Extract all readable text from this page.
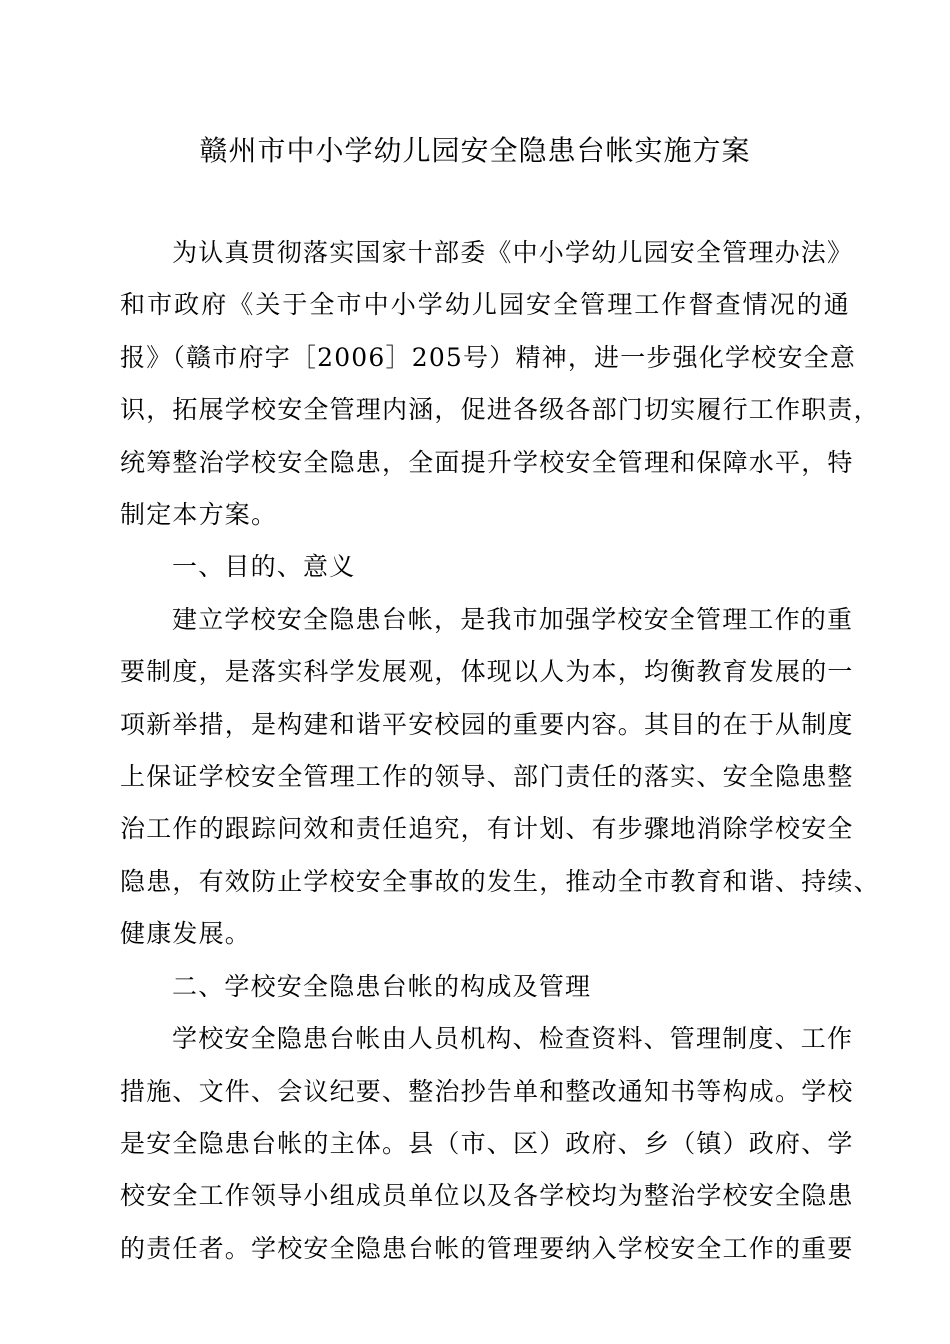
赣州市中小学幼儿园安全隐患台帐实施方案
为认真贯彻落实国家十部委《中小学幼儿园安全管理办法》
和市政府《关于全市中小学幼儿园安全管理工作督查情况的通
报》（赣市府字［2006］205号）精神，进一步强化学校安全意
识，拓展学校安全管理内涵，促进各级各部门切实履行工作职责，
统筹整治学校安全隐患，全面提升学校安全管理和保障水平，特
制定本方案。
一、目的、意义
建立学校安全隐患台帐，是我市加强学校安全管理工作的重
要制度，是落实科学发展观，体现以人为本，均衡教育发展的一
项新举措，是构建和谐平安校园的重要内容。其目的在于从制度
上保证学校安全管理工作的领导、部门责任的落实、安全隐患整
治工作的跟踪问效和责任追究，有计划、有步骤地消除学校安全
隐患，有效防止学校安全事故的发生，推动全市教育和谐、持续、
健康发展。
二、学校安全隐患台帐的构成及管理
学校安全隐患台帐由人员机构、检查资料、管理制度、工作
措施、文件、会议纪要、整治抄告单和整改通知书等构成。学校
是安全隐患台帐的主体。县（市、区）政府、乡（镇）政府、学
校安全工作领导小组成员单位以及各学校均为整治学校安全隐患
的责任者。学校安全隐患台帐的管理要纳入学校安全工作的重要
